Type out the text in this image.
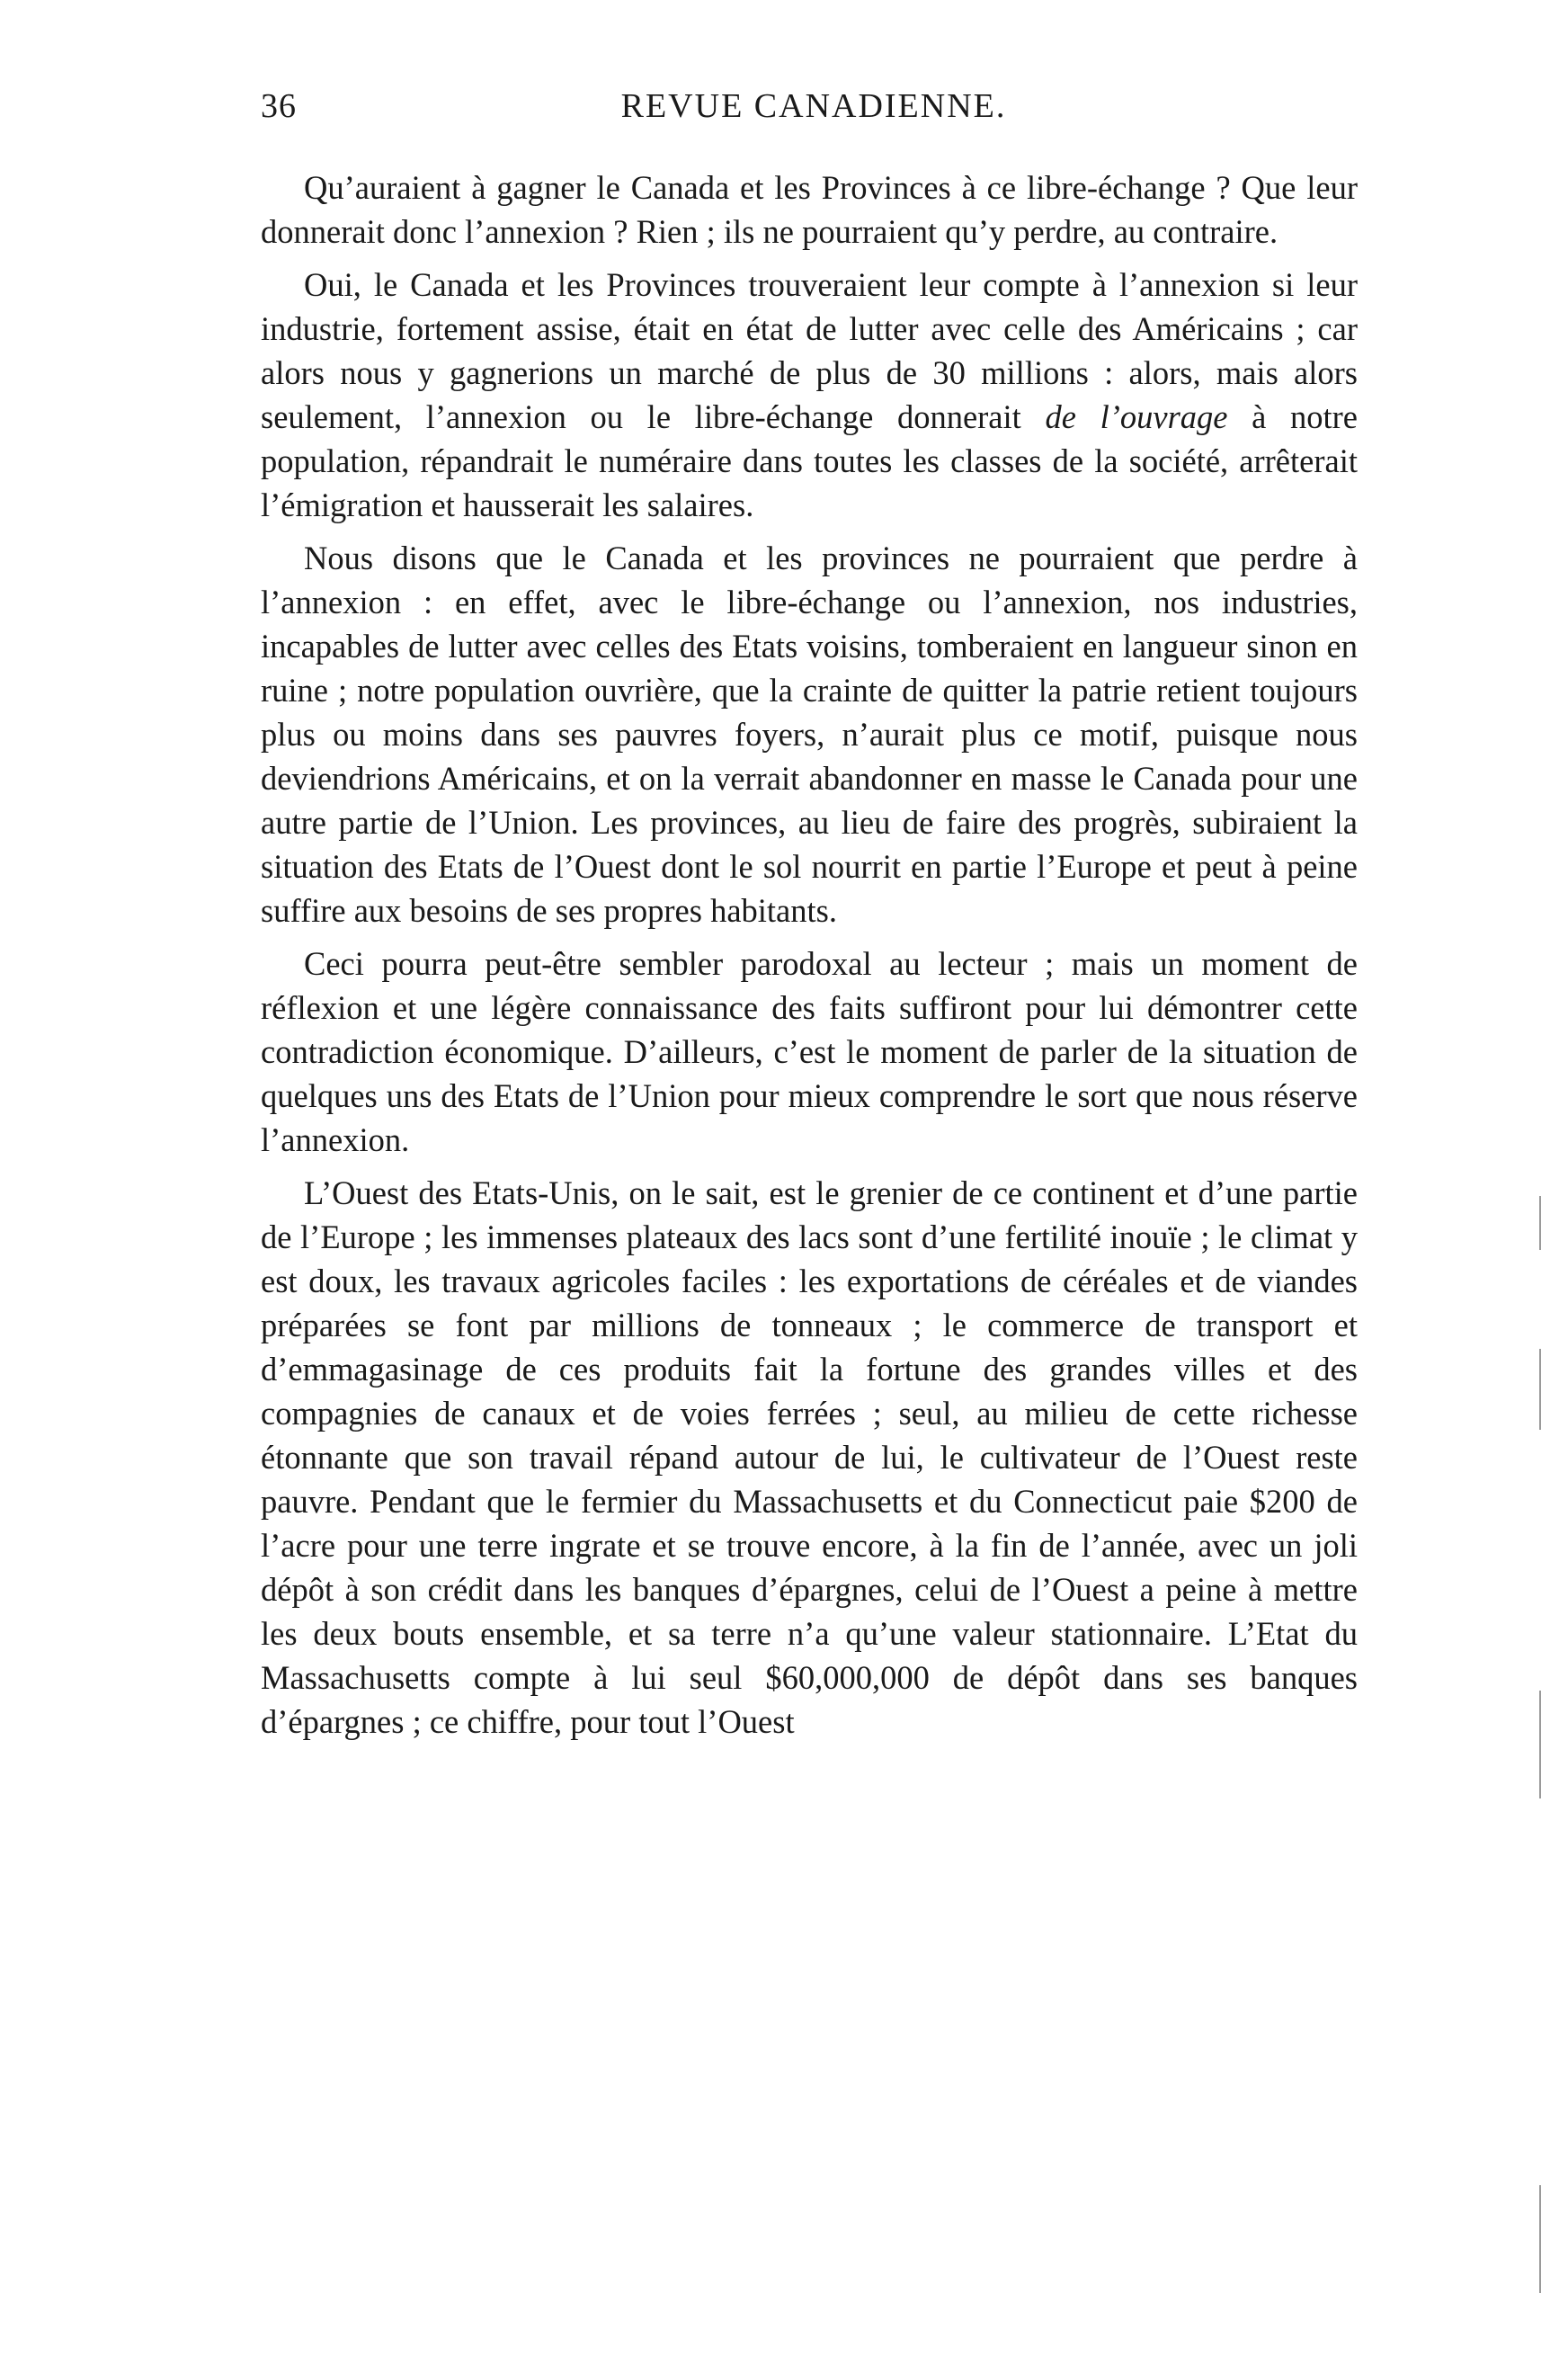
36	REVUE CANADIENNE.

Qu’auraient à gagner le Canada et les Provinces à ce libre-échange ? Que leur donnerait donc l’annexion ? Rien ; ils ne pourraient qu’y perdre, au contraire.

Oui, le Canada et les Provinces trouveraient leur compte à l’annexion si leur industrie, fortement assise, était en état de lutter avec celle des Américains ; car alors nous y gagnerions un marché de plus de 30 millions : alors, mais alors seulement, l’annexion ou le libre-échange donnerait de l’ouvrage à notre population, répandrait le numéraire dans toutes les classes de la société, arrêterait l’émigration et hausserait les salaires.

Nous disons que le Canada et les provinces ne pourraient que perdre à l’annexion : en effet, avec le libre-échange ou l’annexion, nos industries, incapables de lutter avec celles des Etats voisins, tomberaient en langueur sinon en ruine ; notre population ouvrière, que la crainte de quitter la patrie retient toujours plus ou moins dans ses pauvres foyers, n’aurait plus ce motif, puisque nous deviendrions Américains, et on la verrait abandonner en masse le Canada pour une autre partie de l’Union. Les provinces, au lieu de faire des progrès, subiraient la situation des Etats de l’Ouest dont le sol nourrit en partie l’Europe et peut à peine suffire aux besoins de ses propres habitants.

Ceci pourra peut-être sembler parodoxal au lecteur ; mais un moment de réflexion et une légère connaissance des faits suffiront pour lui démontrer cette contradiction économique. D’ailleurs, c’est le moment de parler de la situation de quelques uns des Etats de l’Union pour mieux comprendre le sort que nous réserve l’annexion.

L’Ouest des Etats-Unis, on le sait, est le grenier de ce continent et d’une partie de l’Europe ; les immenses plateaux des lacs sont d’une fertilité inouïe ; le climat y est doux, les travaux agricoles faciles : les exportations de céréales et de viandes préparées se font par millions de tonneaux ; le commerce de transport et d’emmagasinage de ces produits fait la fortune des grandes villes et des compagnies de canaux et de voies ferrées ; seul, au milieu de cette richesse étonnante que son travail répand autour de lui, le cultivateur de l’Ouest reste pauvre. Pendant que le fermier du Massachusetts et du Connecticut paie $200 de l’acre pour une terre ingrate et se trouve encore, à la fin de l’année, avec un joli dépôt à son crédit dans les banques d’épargnes, celui de l’Ouest a peine à mettre les deux bouts ensemble, et sa terre n’a qu’une valeur stationnaire. L’Etat du Massachusetts compte à lui seul $60,000,000 de dépôt dans ses banques d’épargnes ; ce chiffre, pour tout l’Ouest
